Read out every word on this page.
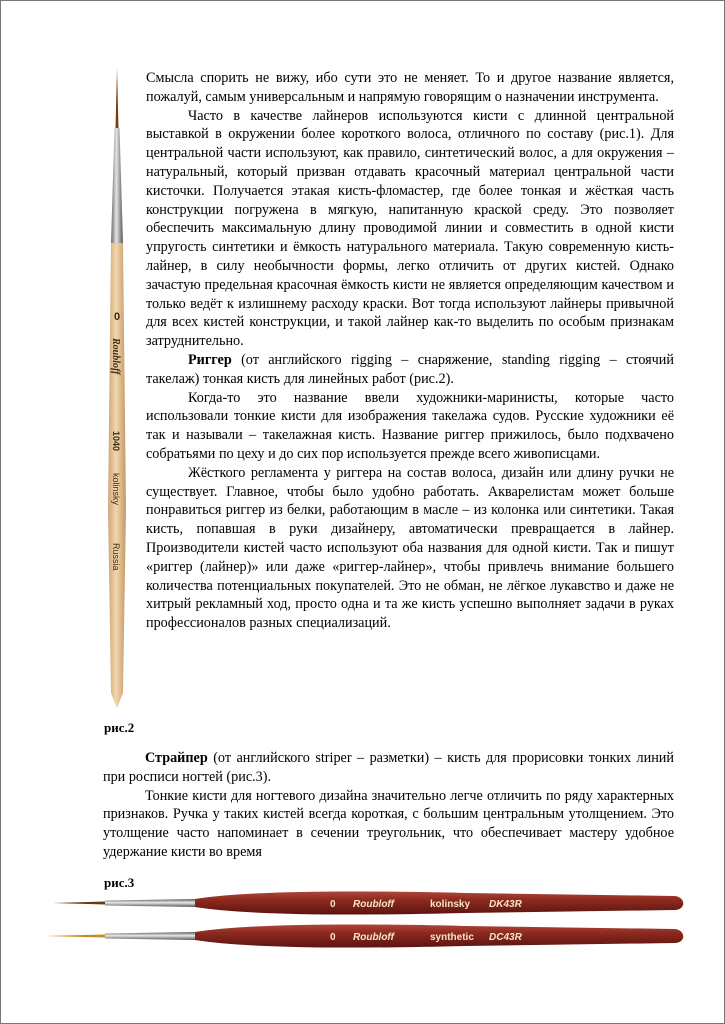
0
Roubloff
1040
kolinsky
Russia
рис.2

Смысла спорить не вижу, ибо сути это не меняет. То и другое название является, пожалуй, самым универсальным и напрямую говорящим о назначении инструмента.

Часто в качестве лайнеров используются кисти с длинной центральной выставкой в окружении более короткого волоса, отличного по составу (рис.1). Для центральной части используют, как правило, синтетический волос, а для окружения – натуральный, который призван отдавать красочный материал центральной части кисточки. Получается этакая кисть-фломастер, где более тонкая и жёсткая часть конструкции погружена в мягкую, напитанную краской среду. Это позволяет обеспечить максимальную длину проводимой линии и совместить в одной кисти упругость синтетики и ёмкость натурального материала. Такую современную кисть-лайнер, в силу необычности формы, легко отличить от других кистей. Однако зачастую предельная красочная ёмкость кисти не является определяющим качеством и только ведёт к излишнему расходу краски. Вот тогда используют лайнеры привычной для всех кистей конструкции, и такой лайнер как-то выделить по особым признакам затруднительно.

Риггер (от английского rigging – снаряжение, standing rigging – стоячий такелаж) тонкая кисть для линейных работ (рис.2).

Когда-то это название ввели художники-маринисты, которые часто использовали тонкие кисти для изображения такелажа судов. Русские художники её так и называли – такелажная кисть. Название риггер прижилось, было подхвачено собратьями по цеху и до сих пор используется прежде всего живописцами.

Жёсткого регламента у риггера на состав волоса, дизайн или длину ручки не существует. Главное, чтобы было удобно работать. Акварелистам может больше понравиться риггер из белки, работающим в масле – из колонка или синтетики. Такая кисть, попавшая в руки дизайнеру, автоматически превращается в лайнер. Производители кистей часто используют оба названия для одной кисти. Так и пишут «риггер (лайнер)» или даже «риггер-лайнер», чтобы привлечь внимание большего количества потенциальных покупателей. Это не обман, не лёгкое лукавство и даже не хитрый рекламный ход, просто одна и та же кисть успешно выполняет задачи в руках профессионалов разных специализаций.

Страйпер (от английского striper – разметки) – кисть для прорисовки тонких линий при росписи ногтей (рис.3).

Тонкие кисти для ногтевого дизайна значительно легче отличить по ряду характерных признаков. Ручка у таких кистей всегда короткая, с большим центральным утолщением. Это утолщение часто напоминает в сечении треугольник, что обеспечивает мастеру удобное удержание кисти во время

рис.3
0 Roubloff	kolinsky DK43R
0 Roubloff	synthetic DC43R
